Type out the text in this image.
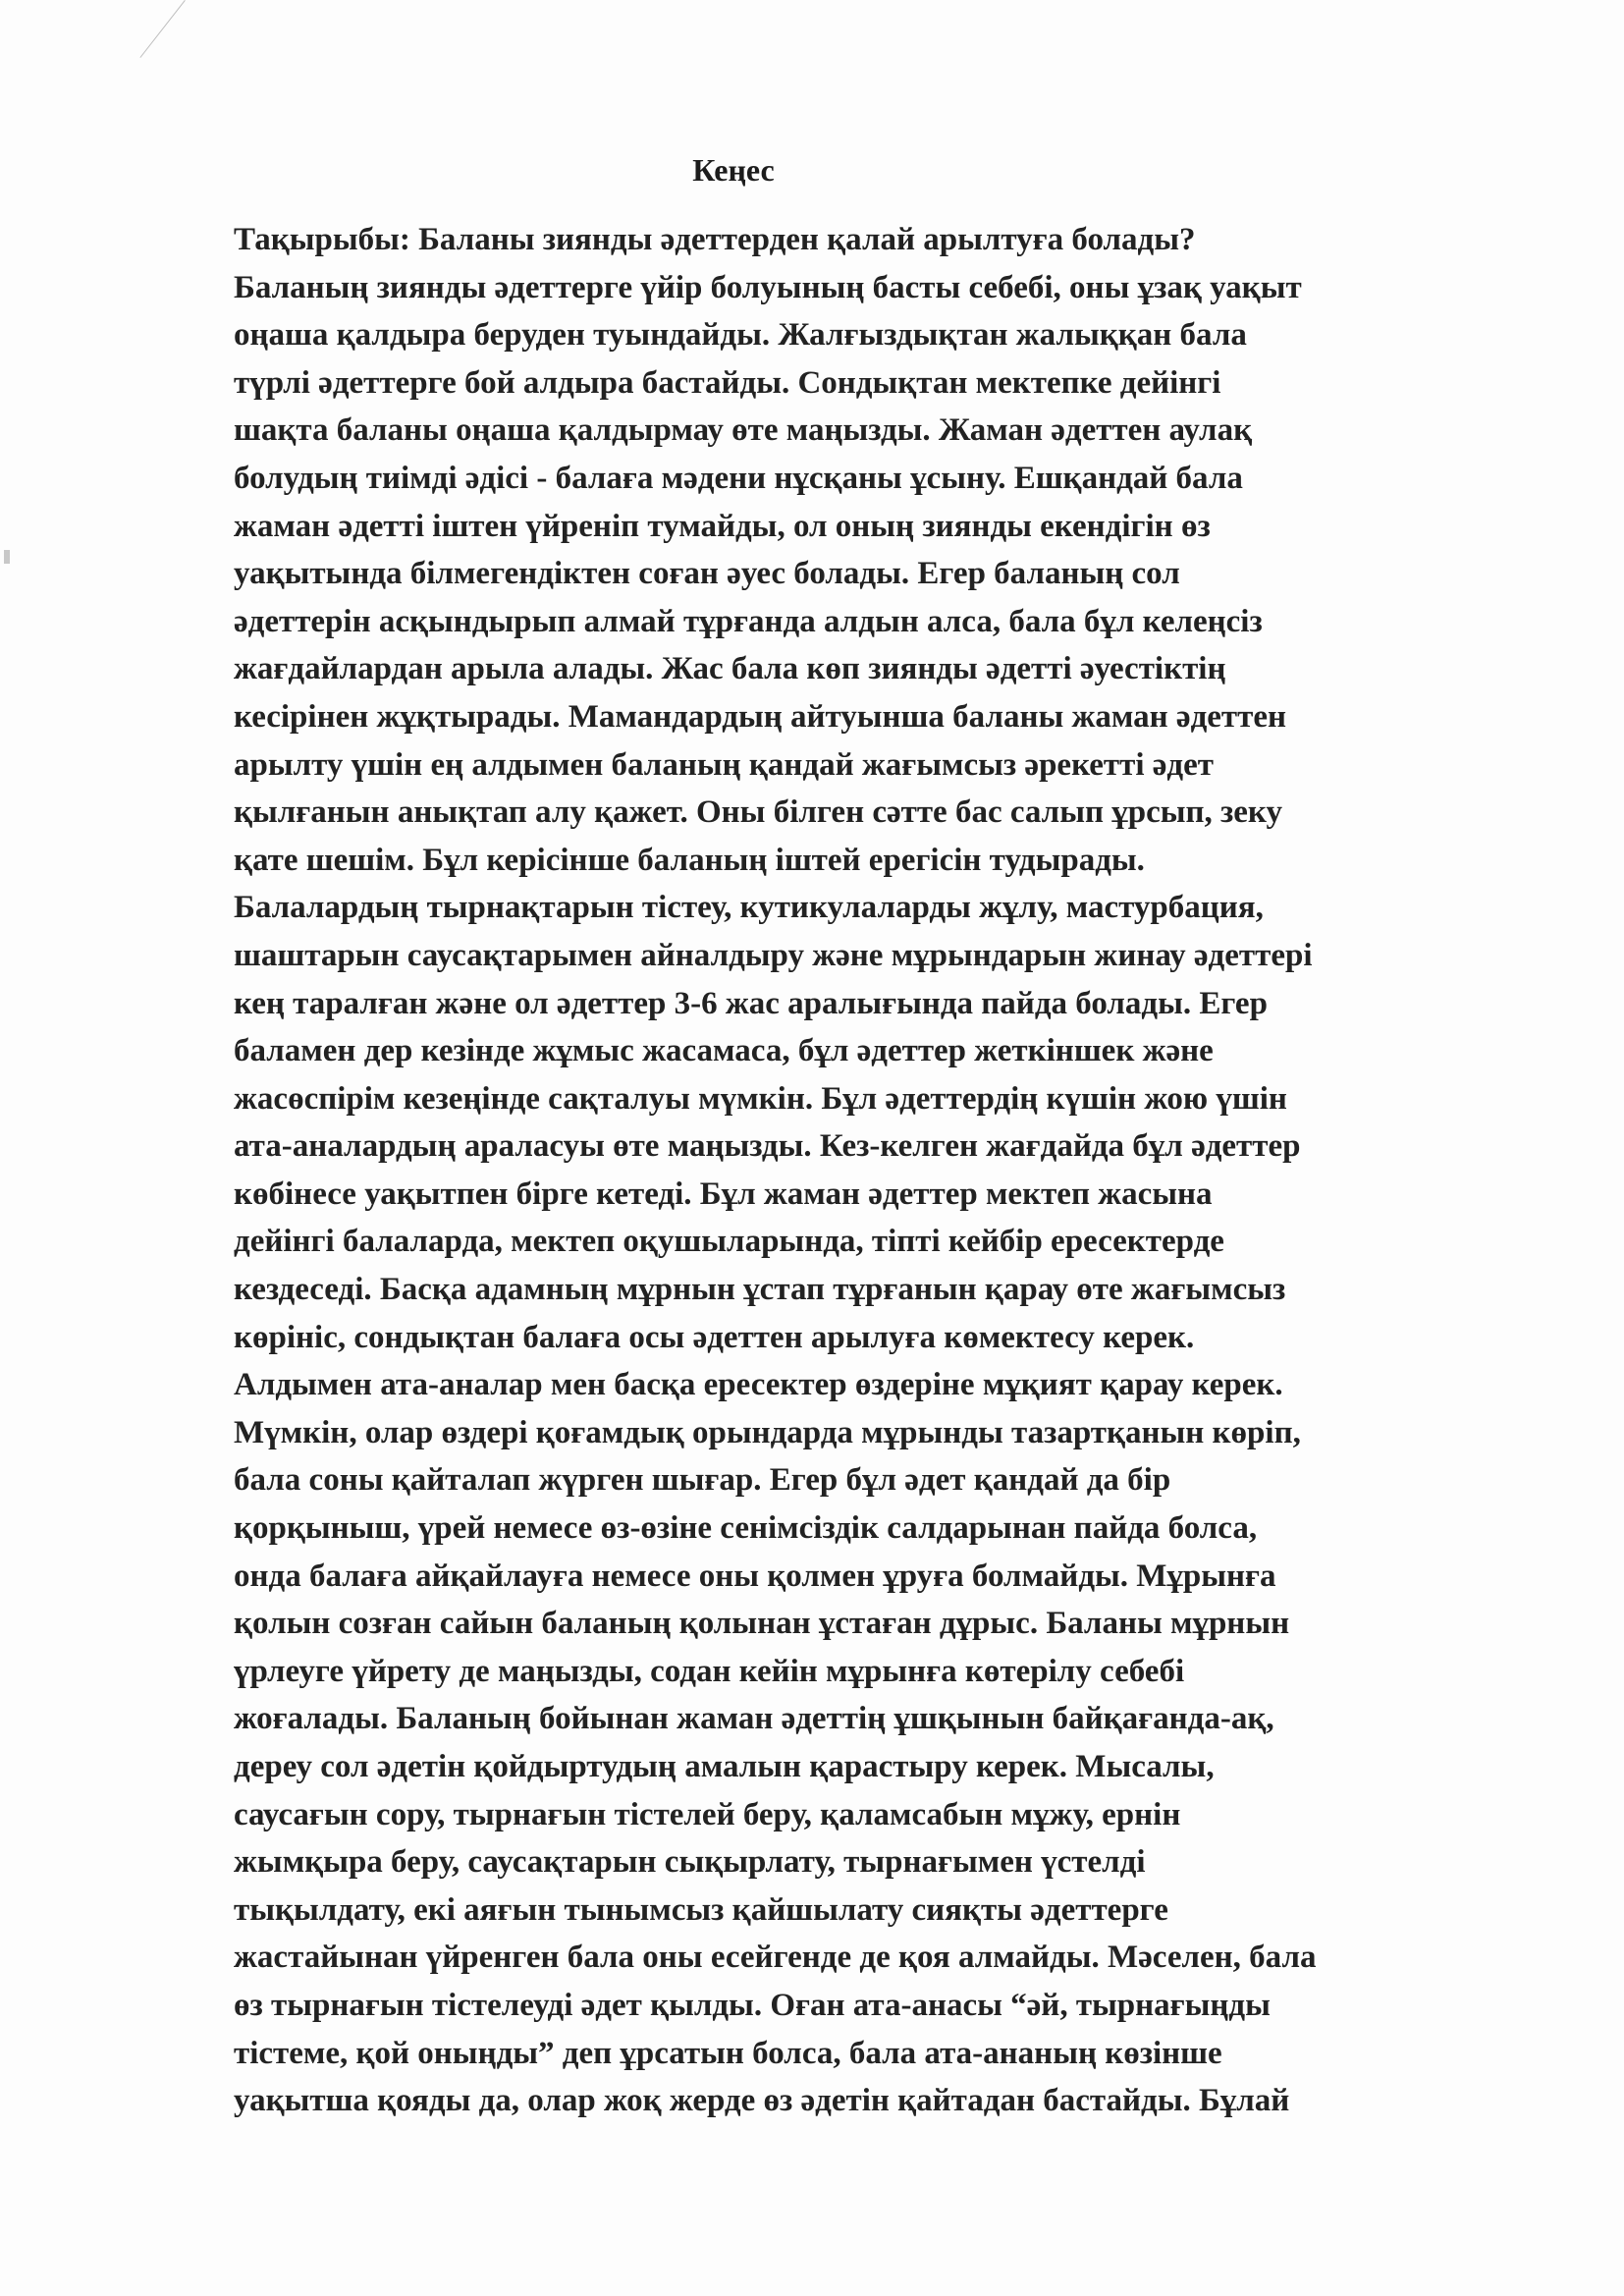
Кеңес
Тақырыбы: Баланы зиянды әдеттерден қалай арылтуға болады?
Баланың зиянды әдеттерге үйір болуының басты себебі, оны ұзақ уақыт
оңаша қалдыра беруден туындайды. Жалғыздықтан жалыққан бала
түрлі әдеттерге бой алдыра бастайды. Сондықтан мектепке дейінгі
шақта баланы оңаша қалдырмау өте маңызды. Жаман әдеттен аулақ
болудың тиімді әдісі - балаға мәдени нұсқаны ұсыну. Ешқандай бала
жаман әдетті іштен үйреніп тумайды, ол оның зиянды екендігін өз
уақытында білмегендіктен соған әуес болады. Егер баланың сол
әдеттерін асқындырып алмай тұрғанда алдын алса, бала бұл келеңсіз
жағдайлардан арыла алады. Жас бала көп зиянды әдетті әуестіктің
кесірінен жұқтырады. Мамандардың айтуынша баланы жаман әдеттен
арылту үшін ең алдымен баланың қандай жағымсыз әрекетті әдет
қылғанын анықтап алу қажет. Оны білген сәтте бас салып ұрсып, зеку
қате шешім. Бұл керісінше баланың іштей ерегісін тудырады.
Балалардың тырнақтарын тістеу, кутикулаларды жұлу, мастурбация,
шаштарын саусақтарымен айналдыру және мұрындарын жинау әдеттері
кең таралған және ол әдеттер 3-6 жас аралығында пайда болады. Егер
баламен дер кезінде жұмыс жасамаса, бұл әдеттер жеткіншек және
жасөспірім кезеңінде сақталуы мүмкін. Бұл әдеттердің күшін жою үшін
ата-аналардың араласуы өте маңызды. Кез-келген жағдайда бұл әдеттер
көбінесе уақытпен бірге кетеді. Бұл жаман әдеттер мектеп жасына
дейінгі балаларда, мектеп оқушыларында, тіпті кейбір ересектерде
кездеседі. Басқа адамның мұрнын ұстап тұрғанын қарау өте жағымсыз
көрініс, сондықтан балаға осы әдеттен арылуға көмектесу керек.
Алдымен ата-аналар мен басқа ересектер өздеріне мұқият қарау керек.
Мүмкін, олар өздері қоғамдық орындарда мұрынды тазартқанын көріп,
бала соны қайталап жүрген шығар. Егер бұл әдет қандай да бір
қорқыныш, үрей немесе өз-өзіне сенімсіздік салдарынан пайда болса,
онда балаға айқайлауға немесе оны қолмен ұруға болмайды. Мұрынға
қолын созған сайын баланың қолынан ұстаған дұрыс. Баланы мұрнын
үрлеуге үйрету де маңызды, содан кейін мұрынға көтерілу себебі
жоғалады. Баланың бойынан жаман әдеттің ұшқынын байқағанда-ақ,
дереу сол әдетін қойдыртудың амалын қарастыру керек. Мысалы,
саусағын сору, тырнағын тістелей беру, қаламсабын мұжу, ернін
жымқыра беру, саусақтарын сықырлату, тырнағымен үстелді
тықылдату, екі аяғын тынымсыз қайшылату сияқты әдеттерге
жастайынан үйренген бала оны есейгенде де қоя алмайды. Мәселен, бала
өз тырнағын тістелеуді әдет қылды. Оған ата-анасы “әй, тырнағыңды
тістеме, қой оныңды” деп ұрсатын болса, бала ата-ананың көзінше
уақытша қояды да, олар жоқ жерде өз әдетін қайтадан бастайды. Бұлай
